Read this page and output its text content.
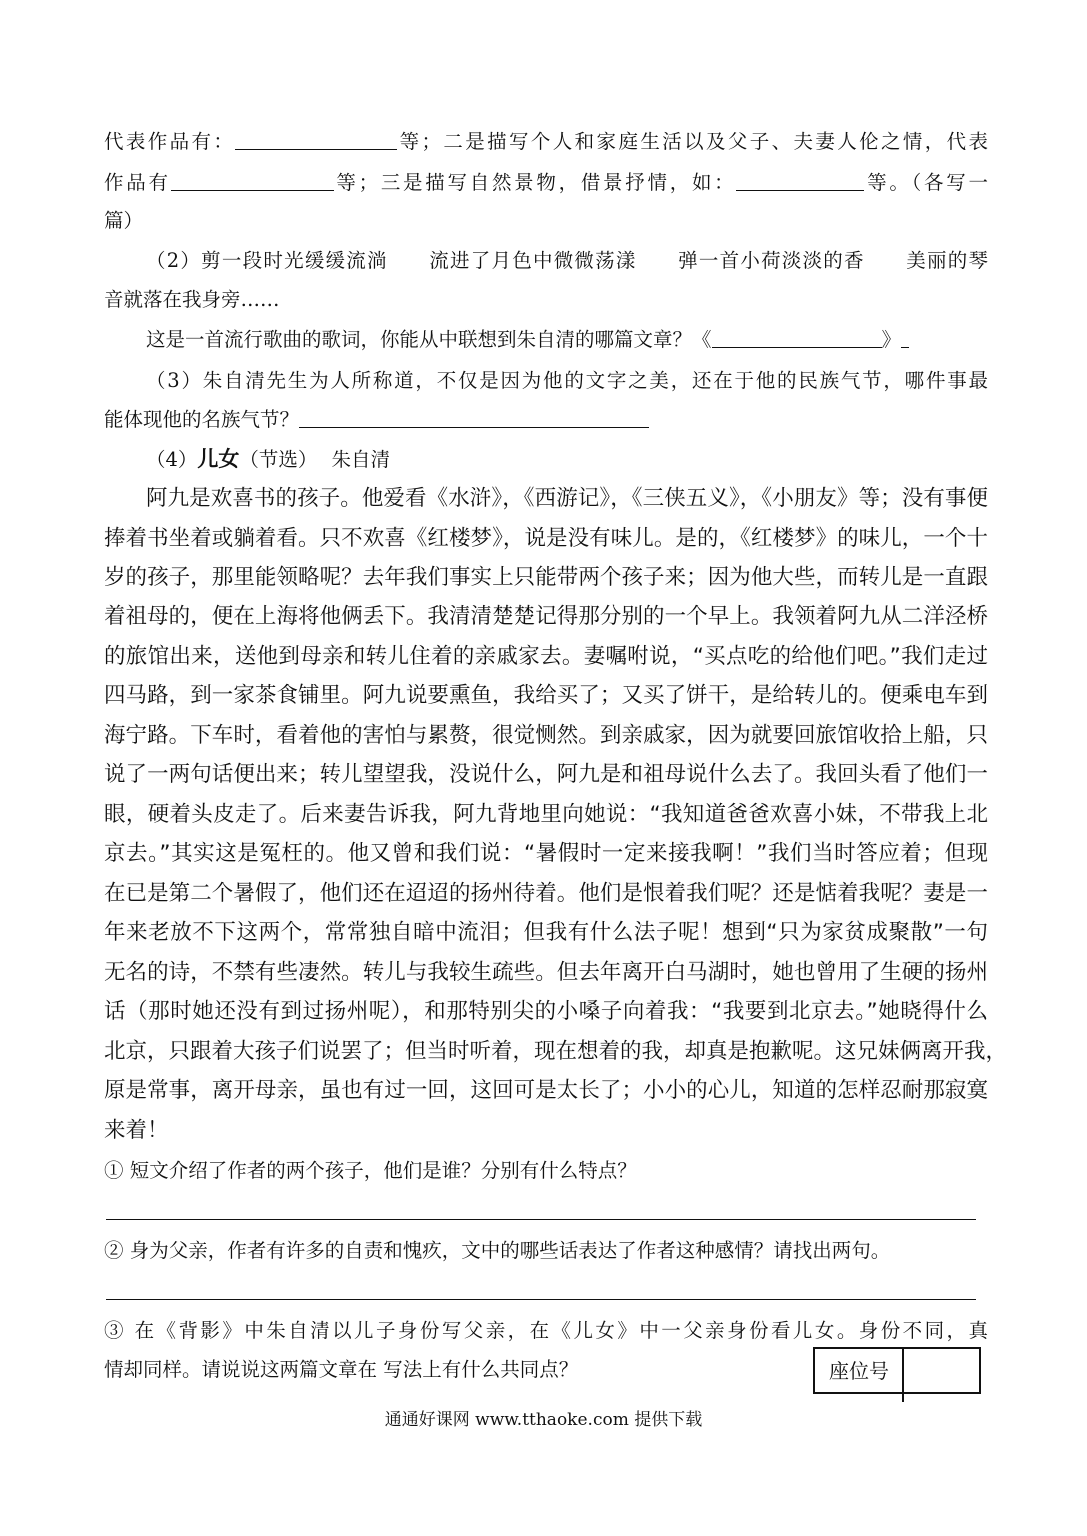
代表作品有：	等；二是描写个人和家庭生活以及父子、夫妻人伦之情，代表
作品有	等；三是描写自然景物，借景抒情，如：	等。（各写一
篇）
（2）剪一段时光缓缓流淌　　流进了月色中微微荡漾　　弹一首小荷淡淡的香　　美丽的琴
音就落在我身旁……
这是一首流行歌曲的歌词，你能从中联想到朱自清的哪篇文章？《	》
（3）朱自清先生为人所称道，不仅是因为他的文字之美，还在于他的民族气节，哪件事最
能体现他的名族气节？
（4）儿女（节选） 朱自清
阿九是欢喜书的孩子。他爱看《水浒》，《西游记》，《三侠五义》，《小朋友》等；没有事便
捧着书坐着或躺着看。只不欢喜《红楼梦》，说是没有味儿。是的，《红楼梦》的味儿，一个十
岁的孩子，那里能领略呢？去年我们事实上只能带两个孩子来；因为他大些，而转儿是一直跟
着祖母的，便在上海将他俩丢下。我清清楚楚记得那分别的一个早上。我领着阿九从二洋泾桥
的旅馆出来，送他到母亲和转儿住着的亲戚家去。妻嘱咐说，“买点吃的给他们吧。”我们走过
四马路，到一家茶食铺里。阿九说要熏鱼，我给买了；又买了饼干，是给转儿的。便乘电车到
海宁路。下车时，看着他的害怕与累赘，很觉恻然。到亲戚家，因为就要回旅馆收拾上船，只
说了一两句话便出来；转儿望望我，没说什么，阿九是和祖母说什么去了。我回头看了他们一
眼，硬着头皮走了。后来妻告诉我，阿九背地里向她说：“我知道爸爸欢喜小妹，不带我上北
京去。”其实这是冤枉的。他又曾和我们说：“暑假时一定来接我啊！”我们当时答应着；但现
在已是第二个暑假了，他们还在迢迢的扬州待着。他们是恨着我们呢？还是惦着我呢？妻是一
年来老放不下这两个，常常独自暗中流泪；但我有什么法子呢！想到“只为家贫成聚散”一句
无名的诗，不禁有些凄然。转儿与我较生疏些。但去年离开白马湖时，她也曾用了生硬的扬州
话（那时她还没有到过扬州呢），和那特别尖的小嗓子向着我：“我要到北京去。”她晓得什么
北京，只跟着大孩子们说罢了；但当时听着，现在想着的我，却真是抱歉呢。这兄妹俩离开我，
原是常事，离开母亲，虽也有过一回，这回可是太长了；小小的心儿，知道的怎样忍耐那寂寞
来着！
① 短文介绍了作者的两个孩子，他们是谁？分别有什么特点？
② 身为父亲，作者有许多的自责和愧疚，文中的哪些话表达了作者这种感情？请找出两句。
③ 在《背影》中朱自清以儿子身份写父亲，在《儿女》中一父亲身份看儿女。身份不同，真
情却同样。请说说这两篇文章在 写法上有什么共同点？	座位号
通通好课网 www.tthaoke.com 提供下载
